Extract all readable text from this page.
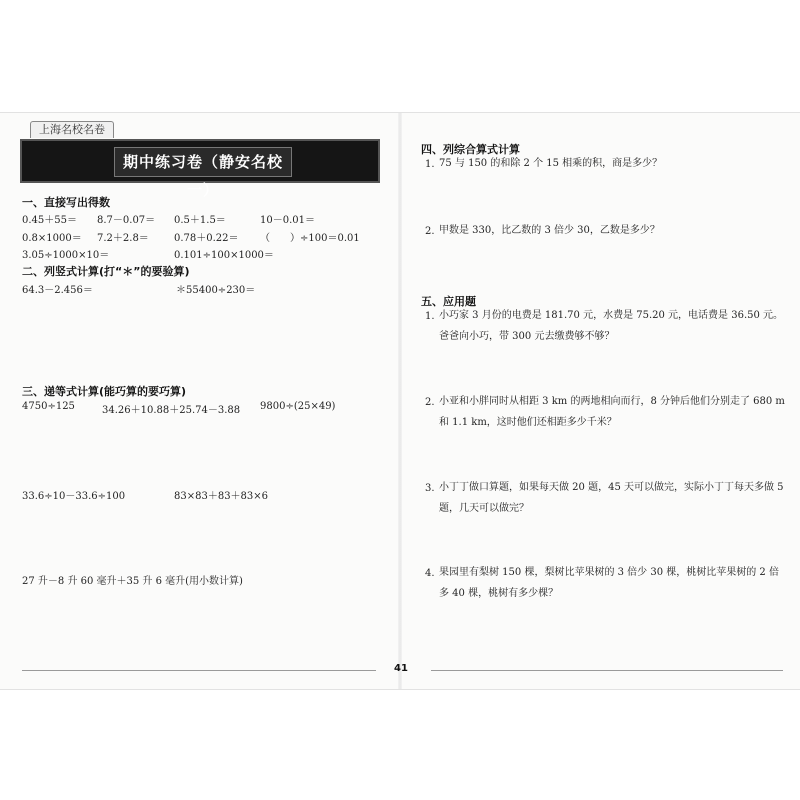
上海名校名卷
期中练习卷（静安名校一）
一、直接写出得数
0.45＋55＝ 8.7－0.07＝ 0.5＋1.5＝	10－0.01＝
0.8×1000＝ 7.2＋2.8＝	0.78＋0.22＝ （　　）÷100＝0.01
3.05÷1000×10＝	0.101÷100×1000＝
二、列竖式计算(打“＊”的要验算)
64.3－2.456＝	＊55400÷230＝
三、递等式计算(能巧算的要巧算)
4750÷125	34.26＋10.88＋25.74－3.88 9800÷(25×49)
33.6÷10－33.6÷100	83×83＋83＋83×6
27 升－8 升 60 毫升＋35 升 6 毫升(用小数计算)
四、列综合算式计算
1. 75 与 150 的和除 2 个 15 相乘的积，商是多少？
2. 甲数是 330，比乙数的 3 倍少 30，乙数是多少？
五、应用题
1. 小巧家 3 月份的电费是 181.70 元，水费是 75.20 元，电话费是 36.50 元。爸爸向小巧，带 300 元去缴费够不够？
2. 小亚和小胖同时从相距 3 km 的两地相向而行，8 分钟后他们分别走了 680 m 和 1.1 km，这时他们还相距多少千米？
3. 小丁丁做口算题，如果每天做 20 题，45 天可以做完，实际小丁丁每天多做 5 题，几天可以做完？
4. 果园里有梨树 150 棵，梨树比苹果树的 3 倍少 30 棵，桃树比苹果树的 2 倍多 40 棵，桃树有多少棵？
41
